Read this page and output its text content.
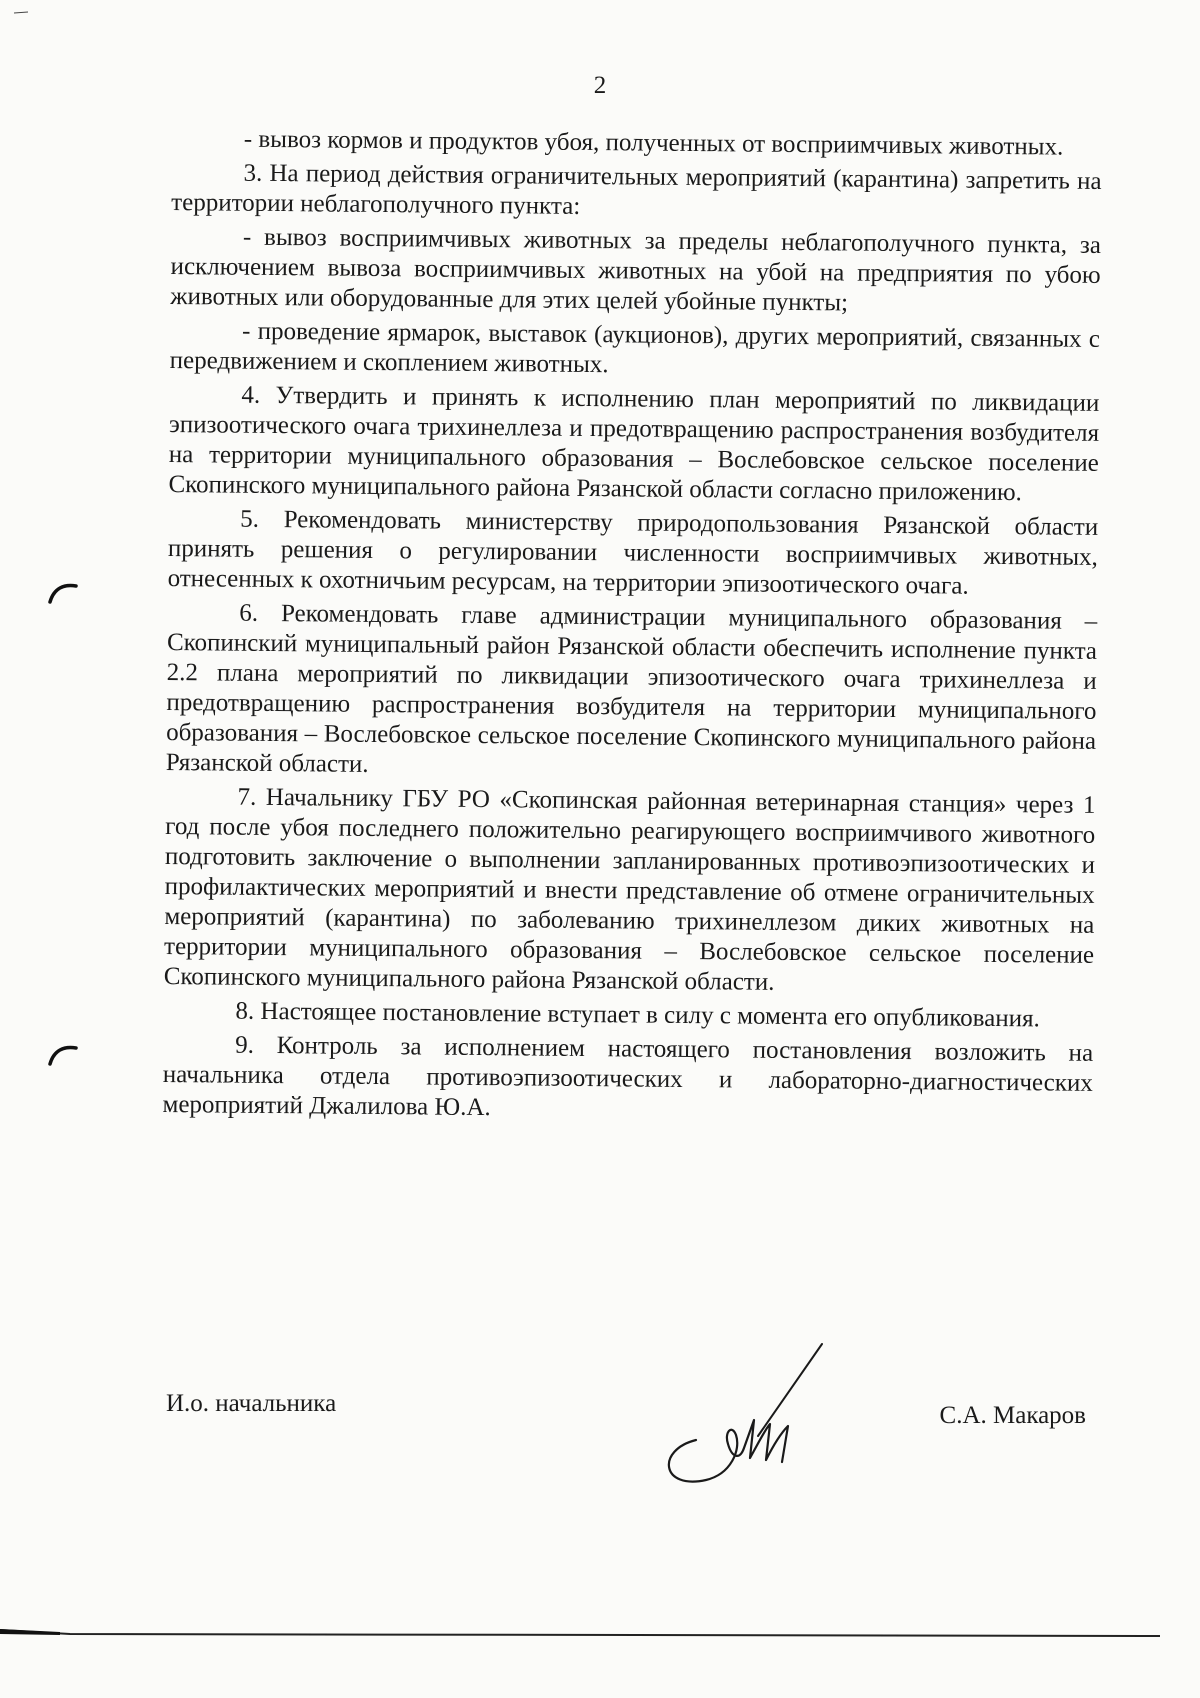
2

- вывоз кормов и продуктов убоя, полученных от восприимчивых животных.

3. На период действия ограничительных мероприятий (карантина) запретить на территории неблагополучного пункта:

- вывоз восприимчивых животных за пределы неблагополучного пункта, за исключением вывоза восприимчивых животных на убой на предприятия по убою животных или оборудованные для этих целей убойные пункты;

- проведение ярмарок, выставок (аукционов), других мероприятий, связанных с передвижением и скоплением животных.

4. Утвердить и принять к исполнению план мероприятий по ликвидации эпизоотического очага трихинеллеза и предотвращению распространения возбудителя на территории муниципального образования – Вослебовское сельское поселение Скопинского муниципального района Рязанской области согласно приложению.

5. Рекомендовать министерству природопользования Рязанской области принять решения о регулировании численности восприимчивых животных, отнесенных к охотничьим ресурсам, на территории эпизоотического очага.

6. Рекомендовать главе администрации муниципального образования – Скопинский муниципальный район Рязанской области обеспечить исполнение пункта 2.2 плана мероприятий по ликвидации эпизоотического очага трихинеллеза и предотвращению распространения возбудителя на территории муниципального образования – Вослебовское сельское поселение Скопинского муниципального района Рязанской области.

7. Начальнику ГБУ РО «Скопинская районная ветеринарная станция» через 1 год после убоя последнего положительно реагирующего восприимчивого животного подготовить заключение о выполнении запланированных противоэпизоотических и профилактических мероприятий и внести представление об отмене ограничительных мероприятий (карантина) по заболеванию трихинеллезом диких животных на территории муниципального образования – Вослебовское сельское поселение Скопинского муниципального района Рязанской области.

8. Настоящее постановление вступает в силу с момента его опубликования.

9. Контроль за исполнением настоящего постановления возложить на начальника отдела противоэпизоотических и лабораторно-диагностических мероприятий Джалилова Ю.А.

И.о. начальника	С.А. Макаров
